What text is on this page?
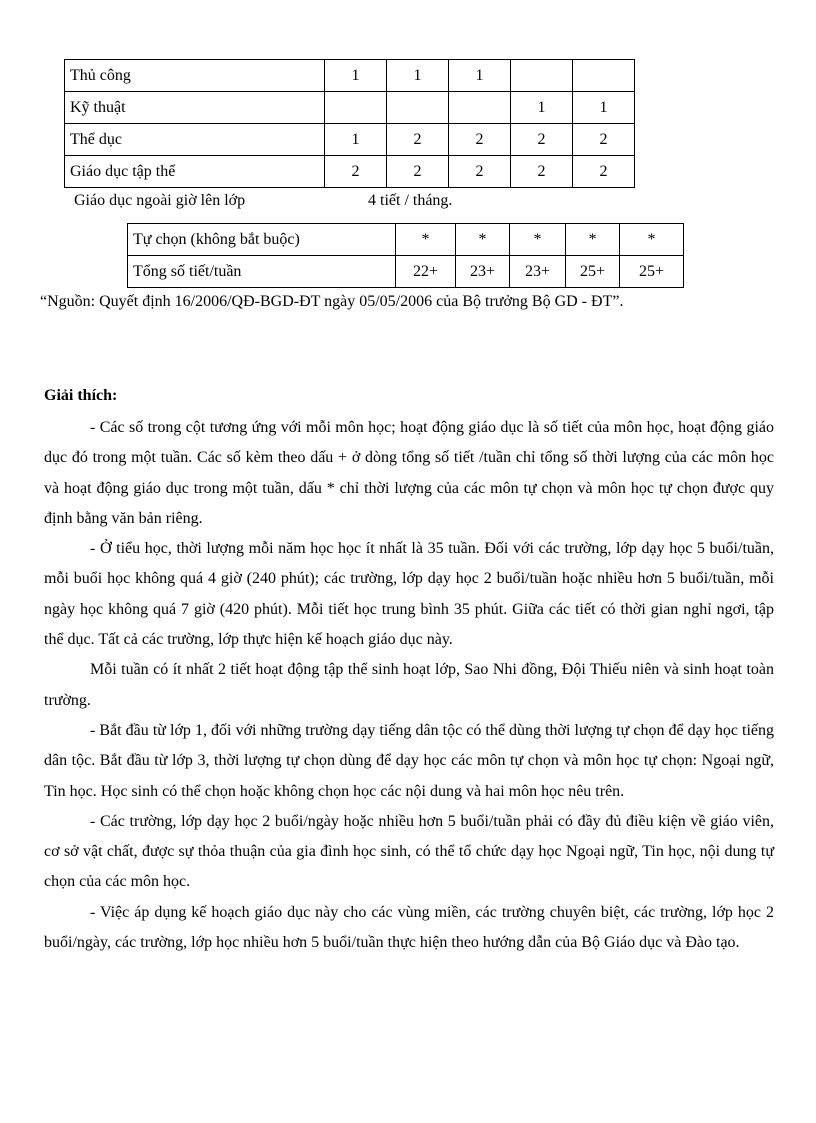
Thủ công	1	1	1		
Kỹ thuật				1	1
Thể dục	1	2	2	2	2
Giáo dục tập thể	2	2	2	2	2
Giáo dục ngoài giờ lên lớp	4 tiết / tháng.
Tự chọn (không bắt buộc)	*	*	*	*	*
Tổng số tiết/tuần	22+	23+	23+	25+	25+
“Nguồn: Quyết định 16/2006/QĐ-BGD-ĐT ngày 05/05/2006 của Bộ trưởng Bộ GD - ĐT”.
Giải thích:

- Các số trong cột tương ứng với mỗi môn học; hoạt động giáo dục là số tiết của môn học, hoạt động giáo dục đó trong một tuần. Các số kèm theo dấu + ở dòng tổng số tiết /tuần chỉ tổng số thời lượng của các môn học và hoạt động giáo dục trong một tuần, dấu * chỉ thời lượng của các môn tự chọn và môn học tự chọn được quy định bằng văn bản riêng.

- Ở tiểu học, thời lượng mỗi năm học học ít nhất là 35 tuần. Đối với các trường, lớp dạy học 5 buổi/tuần, mỗi buổi học không quá 4 giờ (240 phút); các trường, lớp dạy học 2 buổi/tuần hoặc nhiều hơn 5 buổi/tuần, mỗi ngày học không quá 7 giờ (420 phút). Mỗi tiết học trung bình 35 phút. Giữa các tiết có thời gian nghỉ ngơi, tập thể dục. Tất cả các trường, lớp thực hiện kế hoạch giáo dục này.

Mỗi tuần có ít nhất 2 tiết hoạt động tập thể sinh hoạt lớp, Sao Nhi đồng, Đội Thiếu niên và sinh hoạt toàn trường.

- Bắt đầu từ lớp 1, đối với những trường dạy tiếng dân tộc có thể dùng thời lượng tự chọn để dạy học tiếng dân tộc. Bắt đầu từ lớp 3, thời lượng tự chọn dùng để dạy học các môn tự chọn và môn học tự chọn: Ngoại ngữ, Tin học. Học sinh có thể chọn hoặc không chọn học các nội dung và hai môn học nêu trên.

- Các trường, lớp dạy học 2 buổi/ngày hoặc nhiều hơn 5 buổi/tuần phải có đầy đủ điều kiện về giáo viên, cơ sở vật chất, được sự thỏa thuận của gia đình học sinh, có thể tổ chức dạy học Ngoại ngữ, Tin học, nội dung tự chọn của các môn học.

- Việc áp dụng kế hoạch giáo dục này cho các vùng miền, các trường chuyên biệt, các trường, lớp học 2 buổi/ngày, các trường, lớp học nhiều hơn 5 buổi/tuần thực hiện theo hướng dẫn của Bộ Giáo dục và Đào tạo.
